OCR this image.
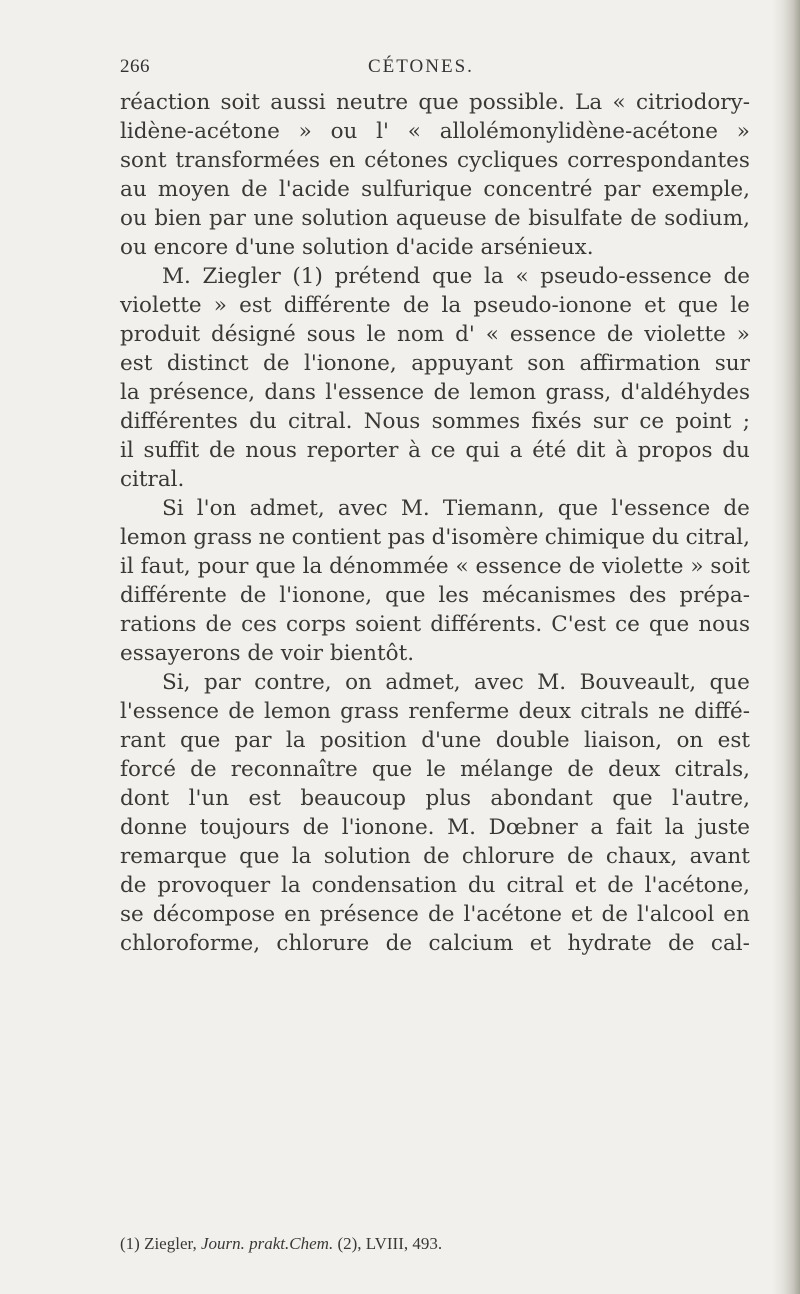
266	CÉTONES.
réaction soit aussi neutre que possible. La « citriodory-
lidène-acétone » ou l' « allolémonylidène-acétone »
sont transformées en cétones cycliques correspondantes
au moyen de l'acide sulfurique concentré par exemple,
ou bien par une solution aqueuse de bisulfate de sodium,
ou encore d'une solution d'acide arsénieux.
M. Ziegler (1) prétend que la « pseudo-essence de
violette » est différente de la pseudo-ionone et que le
produit désigné sous le nom d' « essence de violette »
est distinct de l'ionone, appuyant son affirmation sur
la présence, dans l'essence de lemon grass, d'aldéhydes
différentes du citral. Nous sommes fixés sur ce point ;
il suffit de nous reporter à ce qui a été dit à propos du
citral.
Si l'on admet, avec M. Tiemann, que l'essence de
lemon grass ne contient pas d'isomère chimique du citral,
il faut, pour que la dénommée « essence de violette » soit
différente de l'ionone, que les mécanismes des prépa-
rations de ces corps soient différents. C'est ce que nous
essayerons de voir bientôt.
Si, par contre, on admet, avec M. Bouveault, que
l'essence de lemon grass renferme deux citrals ne diffé-
rant que par la position d'une double liaison, on est
forcé de reconnaître que le mélange de deux citrals,
dont l'un est beaucoup plus abondant que l'autre,
donne toujours de l'ionone. M. Dœbner a fait la juste
remarque que la solution de chlorure de chaux, avant
de provoquer la condensation du citral et de l'acétone,
se décompose en présence de l'acétone et de l'alcool en
chloroforme, chlorure de calcium et hydrate de cal-
(1) Ziegler, Journ. prakt.Chem. (2), LVIII, 493.
